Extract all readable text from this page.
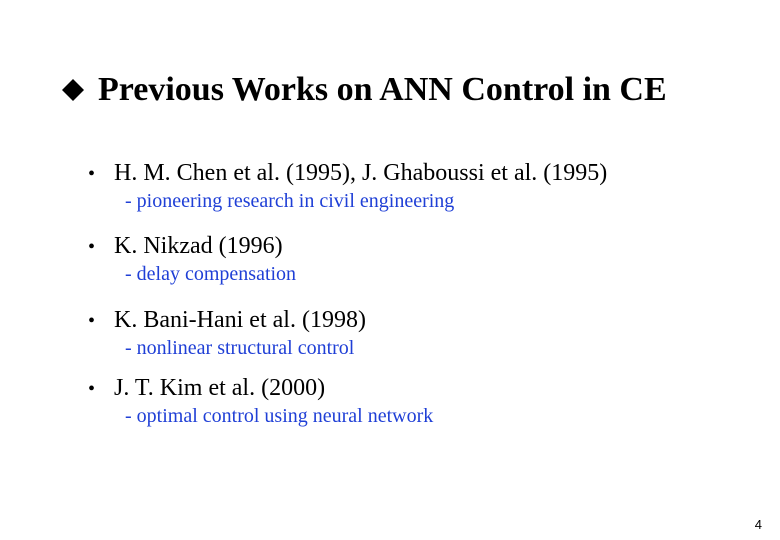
Previous Works on ANN Control in CE
• H. M. Chen et al. (1995), J. Ghaboussi et al. (1995)
- pioneering research in civil engineering
• K. Nikzad (1996)
- delay compensation
• K. Bani-Hani et al. (1998)
- nonlinear structural control
• J. T. Kim et al. (2000)
- optimal control using neural network
4
